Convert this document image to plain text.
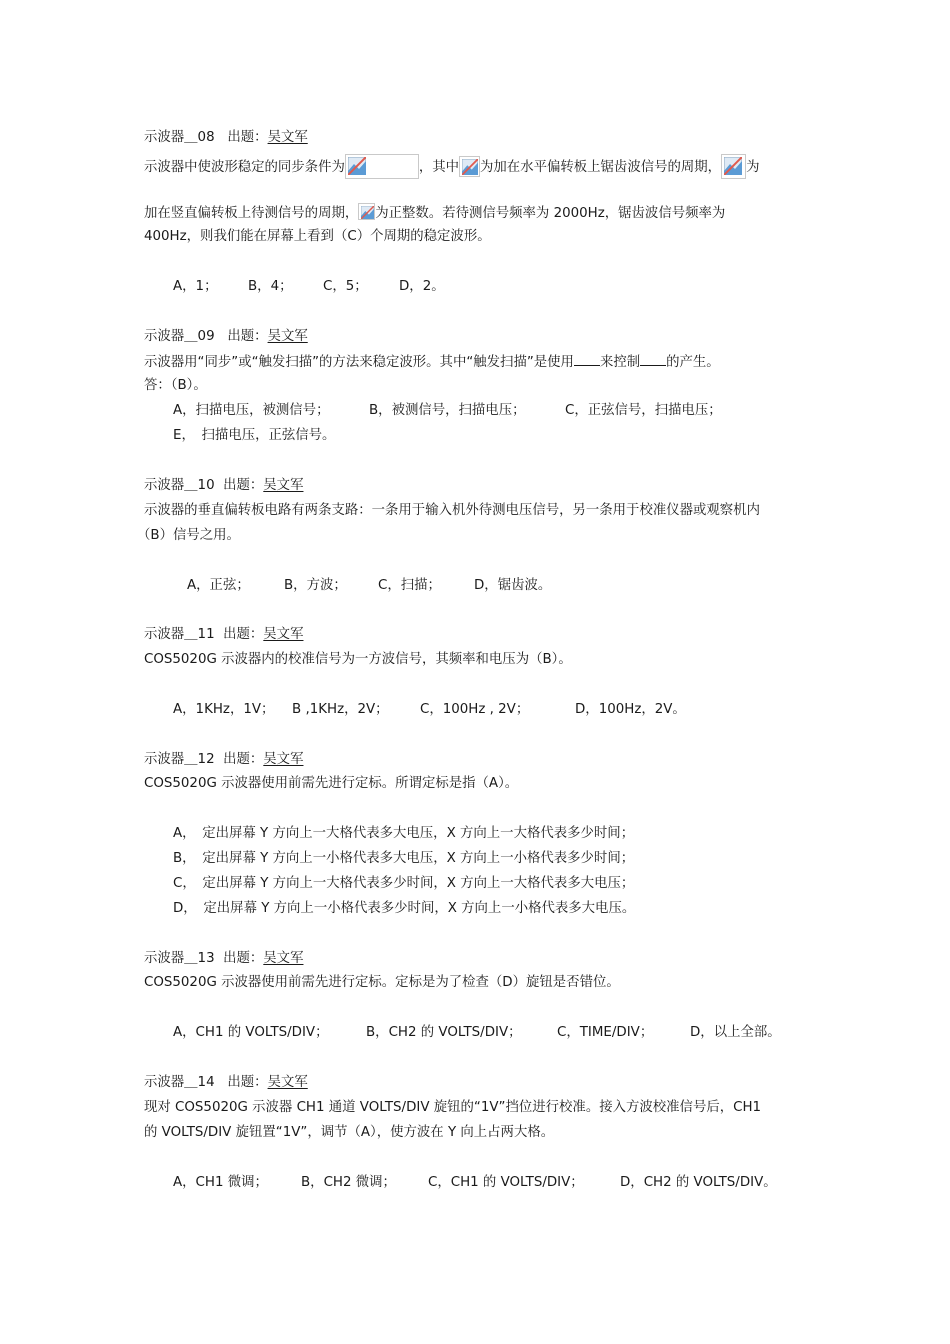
示波器＿08 出题：吴文军
示波器中使波形稳定的同步条件为	，其中 为加在水平偏转板上锯齿波信号的周期， 为
加在竖直偏转板上待测信号的周期， 为正整数。若待测信号频率为 2000Hz，锯齿波信号频率为
400Hz，则我们能在屏幕上看到（C）个周期的稳定波形。
A，1； B，4； C，5； D，2。
示波器＿09 出题：吴文军
示波器用“同步”或“触发扫描”的方法来稳定波形。其中“触发扫描”是使用 来控制 的产生。
答：（B）。
A，扫描电压，被测信号；	B，被测信号，扫描电压；	C，正弦信号，扫描电压；
E，　扫描电压，正弦信号。
示波器＿10 出题：吴文军
示波器的垂直偏转板电路有两条支路：一条用于输入机外待测电压信号，另一条用于校准仪器或观察机内
（B）信号之用。
A，正弦；	B，方波； C，扫描； D，锯齿波。
示波器＿11 出题：吴文军
COS5020G 示波器内的校准信号为一方波信号，其频率和电压为（B）。
A，1KHz，1V； B ,1KHz，2V； C，100Hz , 2V；	D，100Hz，2V。
示波器＿12 出题：吴文军
COS5020G 示波器使用前需先进行定标。所谓定标是指（A）。
A，　定出屏幕 Y 方向上一大格代表多大电压，X 方向上一大格代表多少时间；
B，　定出屏幕 Y 方向上一小格代表多大电压，X 方向上一小格代表多少时间；
C，　定出屏幕 Y 方向上一大格代表多少时间，X 方向上一大格代表多大电压；
D，　定出屏幕 Y 方向上一小格代表多少时间，X 方向上一小格代表多大电压。
示波器＿13 出题：吴文军
COS5020G 示波器使用前需先进行定标。定标是为了检查（D）旋钮是否错位。
A，CH1 的 VOLTS/DIV；	B，CH2 的 VOLTS/DIV；	C，TIME/DIV；	D，以上全部。
示波器＿14 出题：吴文军
现对 COS5020G 示波器 CH1 通道 VOLTS/DIV 旋钮的“1V”挡位进行校准。接入方波校准信号后，CH1
的 VOLTS/DIV 旋钮置“1V”，调节（A），使方波在 Y 向上占两大格。
A，CH1 微调； B，CH2 微调； C，CH1 的 VOLTS/DIV；	D，CH2 的 VOLTS/DIV。
